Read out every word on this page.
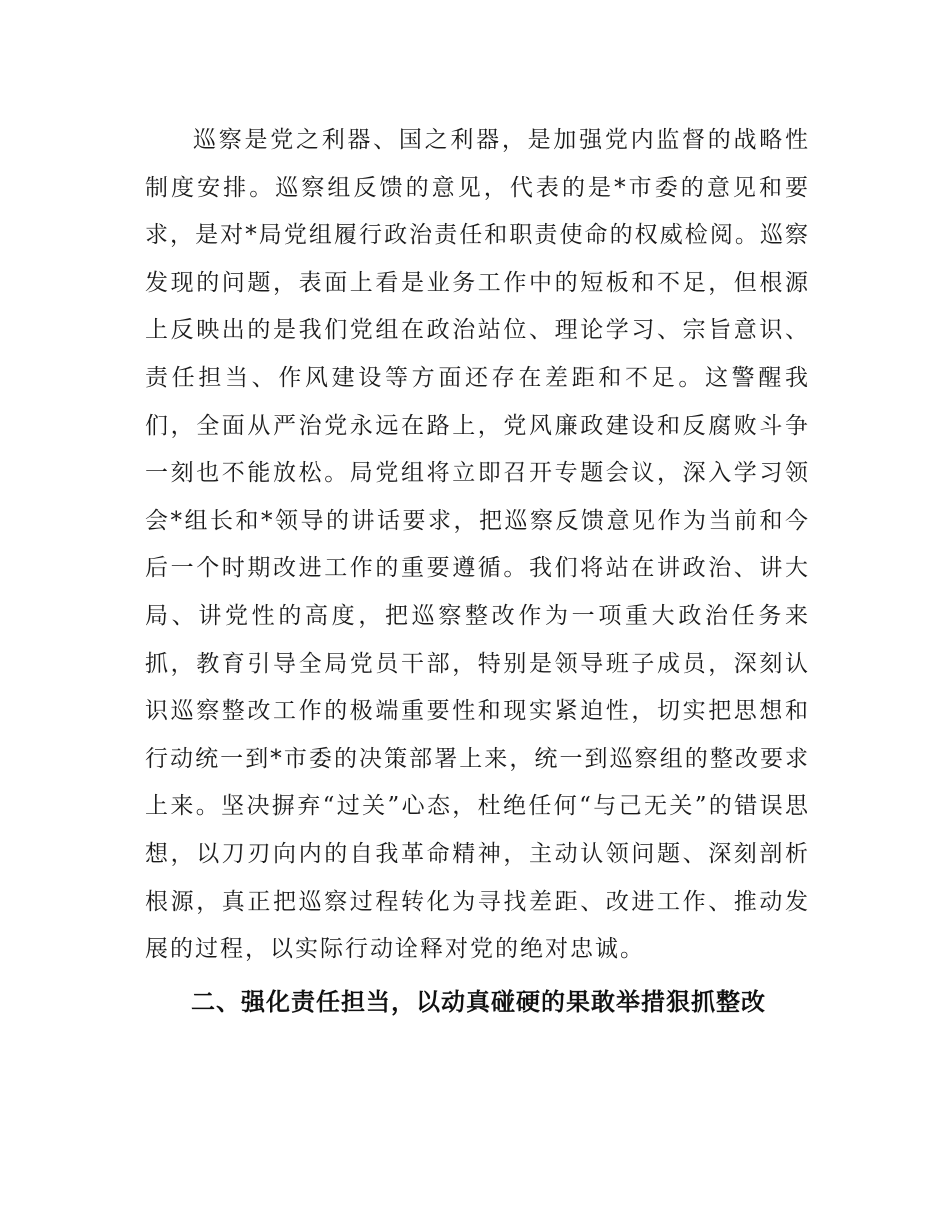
巡察是党之利器、国之利器，是加强党内监督的战略性制度安排。巡察组反馈的意见，代表的是*市委的意见和要求，是对*局党组履行政治责任和职责使命的权威检阅。巡察发现的问题，表面上看是业务工作中的短板和不足，但根源上反映出的是我们党组在政治站位、理论学习、宗旨意识、责任担当、作风建设等方面还存在差距和不足。这警醒我们，全面从严治党永远在路上，党风廉政建设和反腐败斗争一刻也不能放松。局党组将立即召开专题会议，深入学习领会*组长和*领导的讲话要求，把巡察反馈意见作为当前和今后一个时期改进工作的重要遵循。我们将站在讲政治、讲大局、讲党性的高度，把巡察整改作为一项重大政治任务来抓，教育引导全局党员干部，特别是领导班子成员，深刻认识巡察整改工作的极端重要性和现实紧迫性，切实把思想和行动统一到*市委的决策部署上来，统一到巡察组的整改要求上来。坚决摒弃“过关”心态，杜绝任何“与己无关”的错误思想，以刀刃向内的自我革命精神，主动认领问题、深刻剖析根源，真正把巡察过程转化为寻找差距、改进工作、推动发展的过程，以实际行动诠释对党的绝对忠诚。

二、强化责任担当，以动真碰硬的果敢举措狠抓整改
